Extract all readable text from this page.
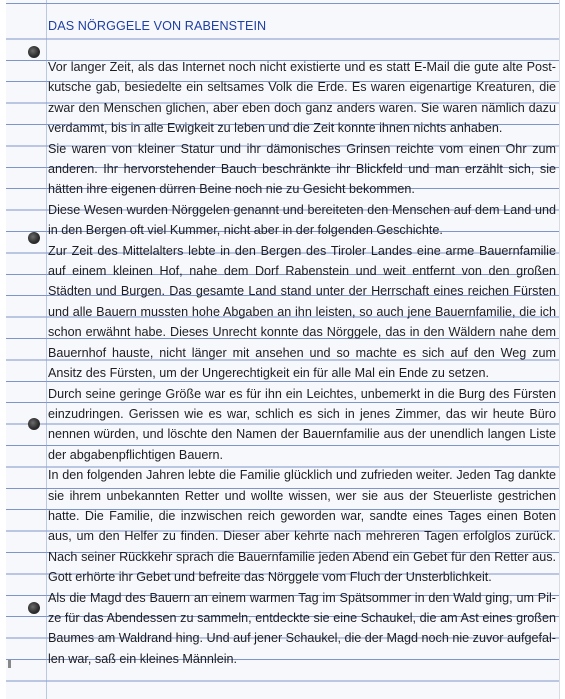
DAS NÖRGGELE VON RABENSTEIN

Vor langer Zeit, als das Internet noch nicht existierte und es statt E-Mail die gute alte Postkutsche gab, besiedelte ein seltsames Volk die Erde. Es waren eigenartige Kreaturen, die zwar den Menschen glichen, aber eben doch ganz anders waren. Sie waren nämlich dazu verdammt, bis in alle Ewigkeit zu leben und die Zeit konnte ihnen nichts anhaben.

Sie waren von kleiner Statur und ihr dämonisches Grinsen reichte vom einen Ohr zum anderen. Ihr hervorstehender Bauch beschränkte ihr Blickfeld und man erzählt sich, sie hätten ihre eigenen dürren Beine noch nie zu Gesicht bekommen.

Diese Wesen wurden Nörggelen genannt und bereiteten den Menschen auf dem Land und in den Bergen oft viel Kummer, nicht aber in der folgenden Geschichte.

Zur Zeit des Mittelalters lebte in den Bergen des Tiroler Landes eine arme Bauernfamilie auf einem kleinen Hof, nahe dem Dorf Rabenstein und weit entfernt von den großen Städten und Burgen. Das gesamte Land stand unter der Herrschaft eines reichen Fürsten und alle Bauern mussten hohe Abgaben an ihn leisten, so auch jene Bauernfamilie, die ich schon erwähnt habe. Dieses Unrecht konnte das Nörggele, das in den Wäldern nahe dem Bauernhof hauste, nicht länger mit ansehen und so machte es sich auf den Weg zum Ansitz des Fürsten, um der Ungerechtigkeit ein für alle Mal ein Ende zu setzen.

Durch seine geringe Größe war es für ihn ein Leichtes, unbemerkt in die Burg des Fürsten einzudringen. Gerissen wie es war, schlich es sich in jenes Zimmer, das wir heute Büro nennen würden, und löschte den Namen der Bauernfamilie aus der unendlich langen Liste der abgabenpflichtigen Bauern.

In den folgenden Jahren lebte die Familie glücklich und zufrieden weiter. Jeden Tag dankte sie ihrem unbekannten Retter und wollte wissen, wer sie aus der Steuerliste gestrichen hatte. Die Familie, die inzwischen reich geworden war, sandte eines Tages einen Boten aus, um den Helfer zu finden. Dieser aber kehrte nach mehreren Tagen erfolglos zurück. Nach seiner Rückkehr sprach die Bauernfamilie jeden Abend ein Gebet für den Retter aus. Gott erhörte ihr Gebet und befreite das Nörggele vom Fluch der Unsterblichkeit.

Als die Magd des Bauern an einem warmen Tag im Spätsommer in den Wald ging, um Pilze für das Abendessen zu sammeln, entdeckte sie eine Schaukel, die am Ast eines großen Baumes am Waldrand hing. Und auf jener Schaukel, die der Magd noch nie zuvor aufgefallen war, saß ein kleines Männlein.
